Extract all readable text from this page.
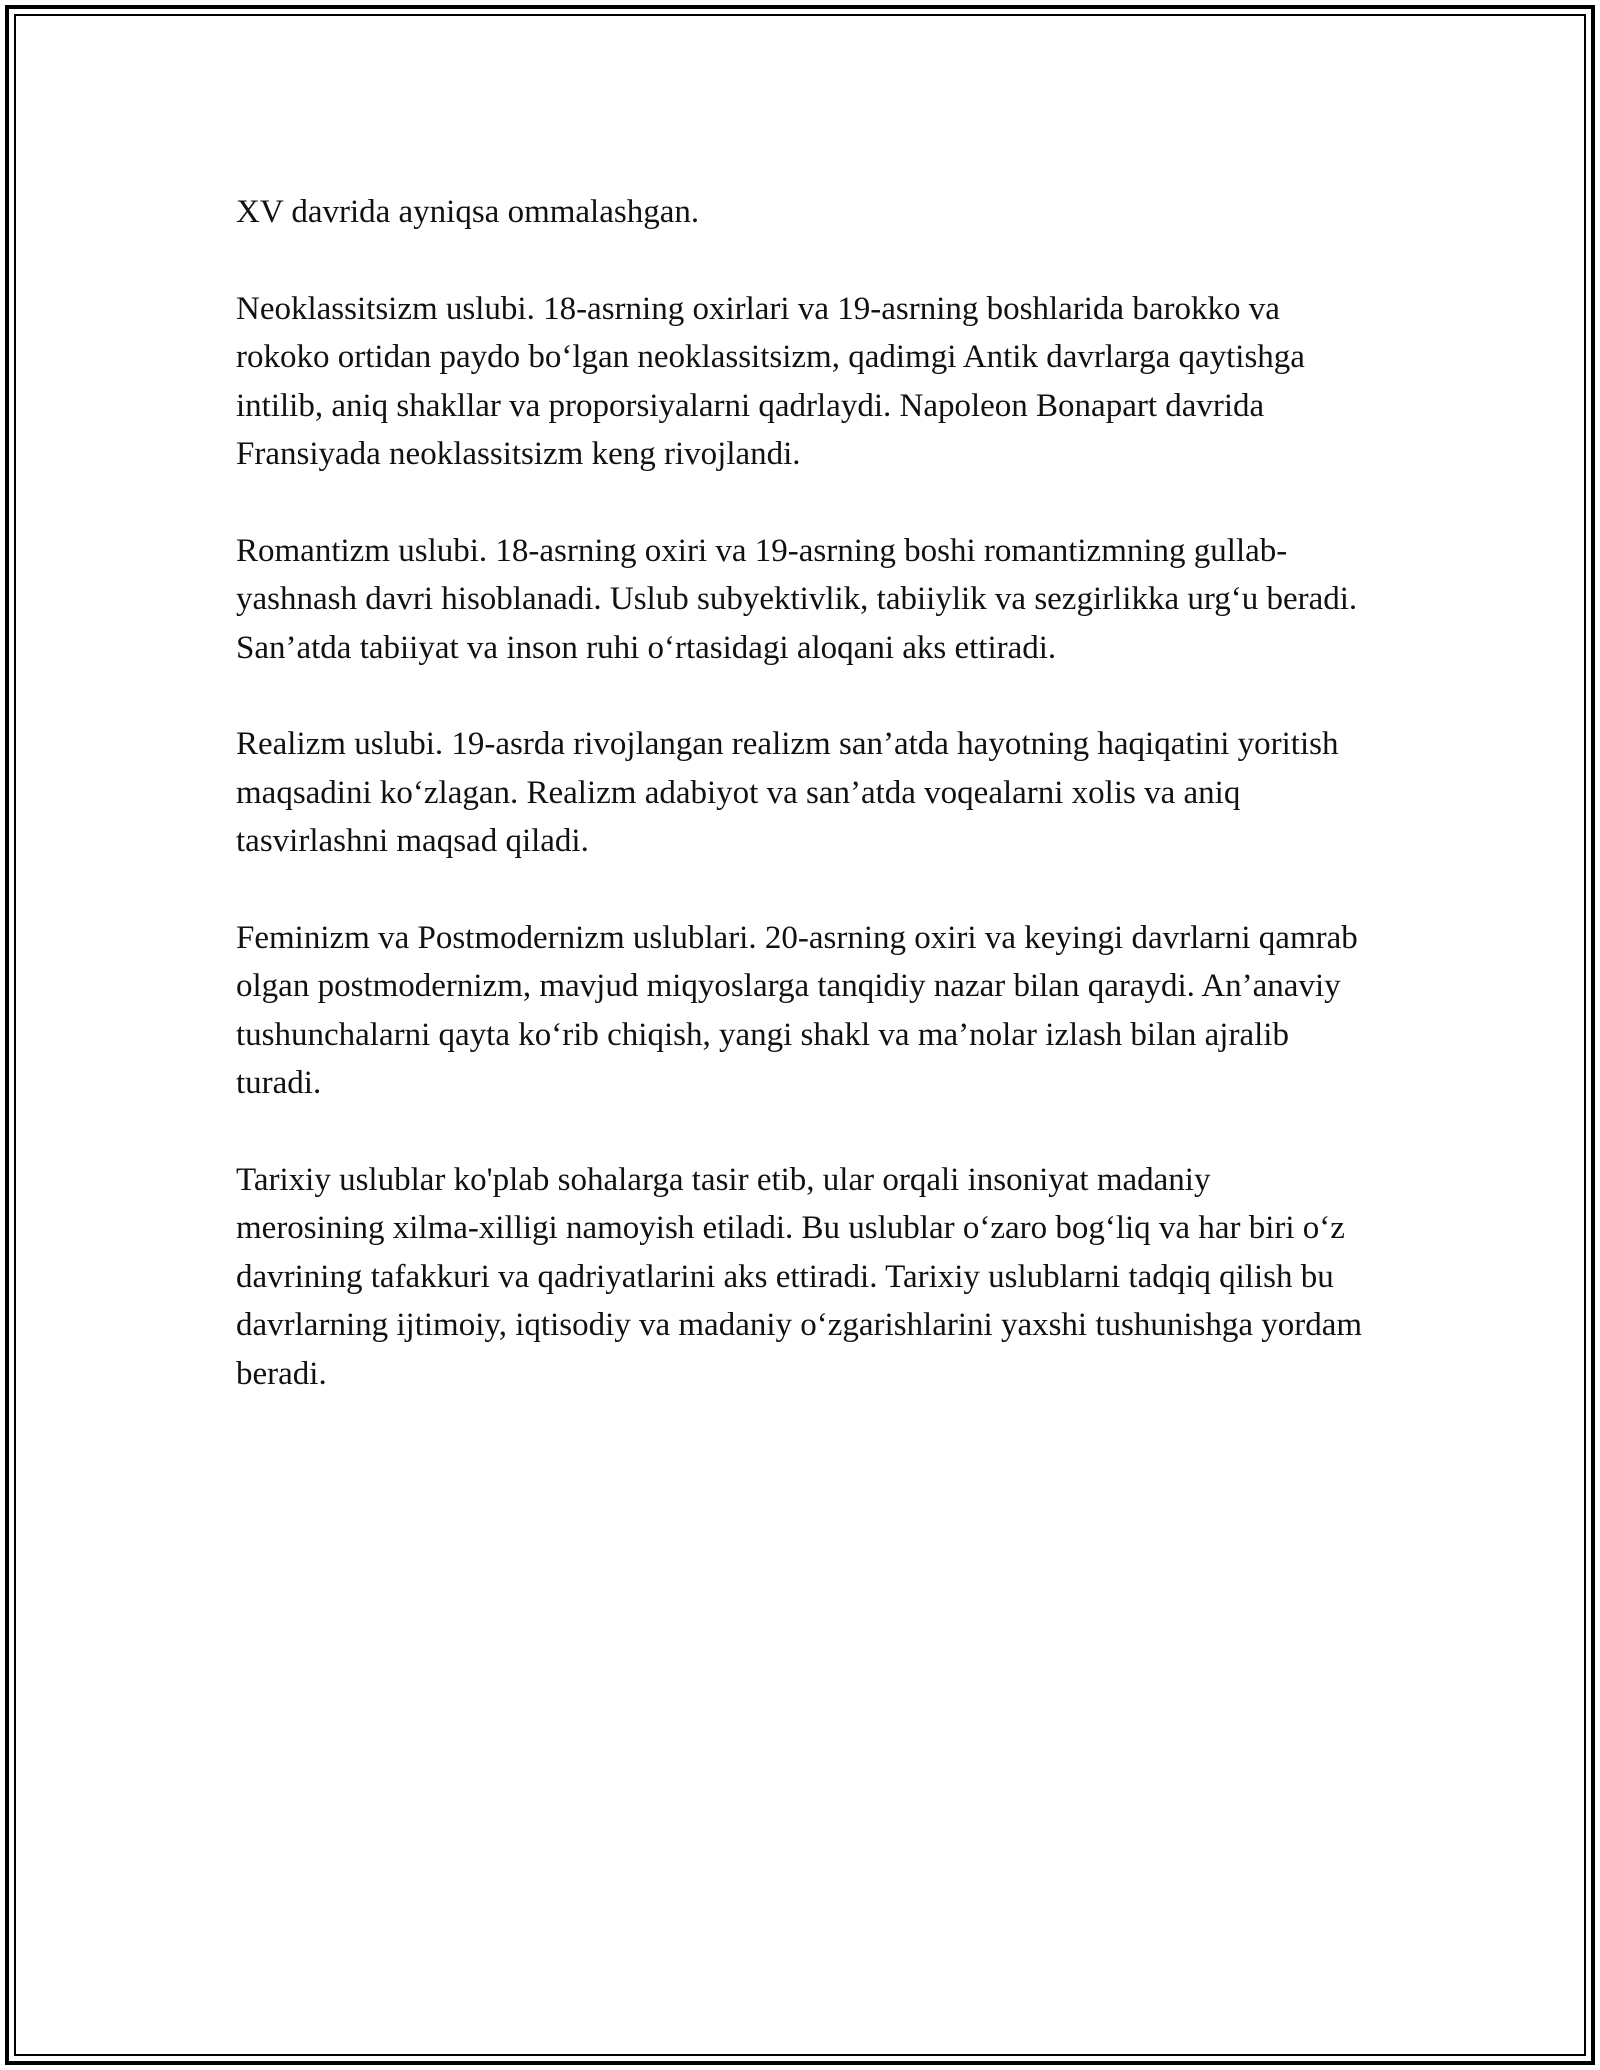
XV davrida ayniqsa ommalashgan.

Neoklassitsizm uslubi. 18-asrning oxirlari va 19-asrning boshlarida barokko va rokoko ortidan paydo bo‘lgan neoklassitsizm, qadimgi Antik davrlarga qaytishga intilib, aniq shakllar va proporsiyalarni qadrlaydi. Napoleon Bonapart davrida Fransiyada neoklassitsizm keng rivojlandi.

Romantizm uslubi. 18-asrning oxiri va 19-asrning boshi romantizmning gullab-yashnash davri hisoblanadi. Uslub subyektivlik, tabiiylik va sezgirlikka urg‘u beradi. San’atda tabiiyat va inson ruhi o‘rtasidagi aloqani aks ettiradi.

Realizm uslubi. 19-asrda rivojlangan realizm san’atda hayotning haqiqatini yoritish maqsadini ko‘zlagan. Realizm adabiyot va san’atda voqealarni xolis va aniq tasvirlashni maqsad qiladi.

Feminizm va Postmodernizm uslublari. 20-asrning oxiri va keyingi davrlarni qamrab olgan postmodernizm, mavjud miqyoslarga tanqidiy nazar bilan qaraydi. An’anaviy tushunchalarni qayta ko‘rib chiqish, yangi shakl va ma’nolar izlash bilan ajralib turadi.

Tarixiy uslublar ko'plab sohalarga tasir etib, ular orqali insoniyat madaniy merosining xilma-xilligi namoyish etiladi. Bu uslublar o‘zaro bog‘liq va har biri o‘z davrining tafakkuri va qadriyatlarini aks ettiradi. Tarixiy uslublarni tadqiq qilish bu davrlarning ijtimoiy, iqtisodiy va madaniy o‘zgarishlarini yaxshi tushunishga yordam beradi.
